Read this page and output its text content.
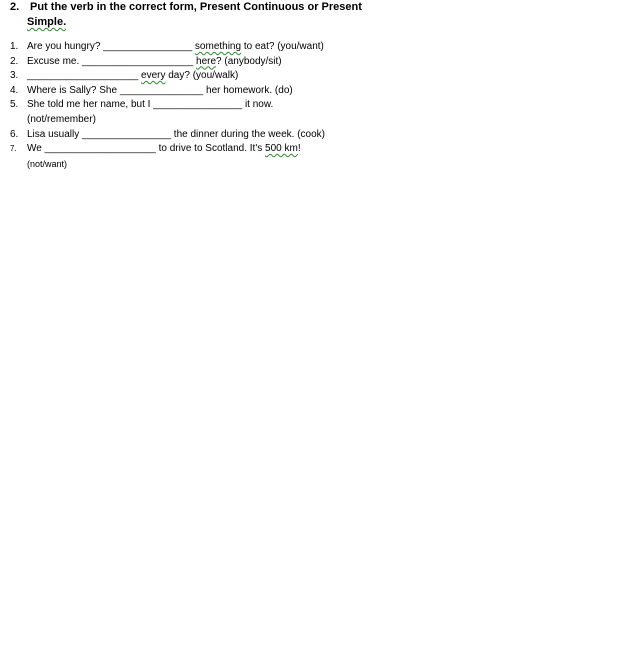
2. Put the verb in the correct form, Present Continuous or Present
Simple.
1. Are you hungry? ________________ something to eat? (you/want)
2. Excuse me. ____________________ here? (anybody/sit)
3. ____________________ every day? (you/walk)
4. Where is Sally? She _______________ her homework. (do)
5. She told me her name, but I ________________ it now.
(not/remember)
6. Lisa usually ________________ the dinner during the week. (cook)
7. We ____________________ to drive to Scotland. It's 500 km!
(not/want)
